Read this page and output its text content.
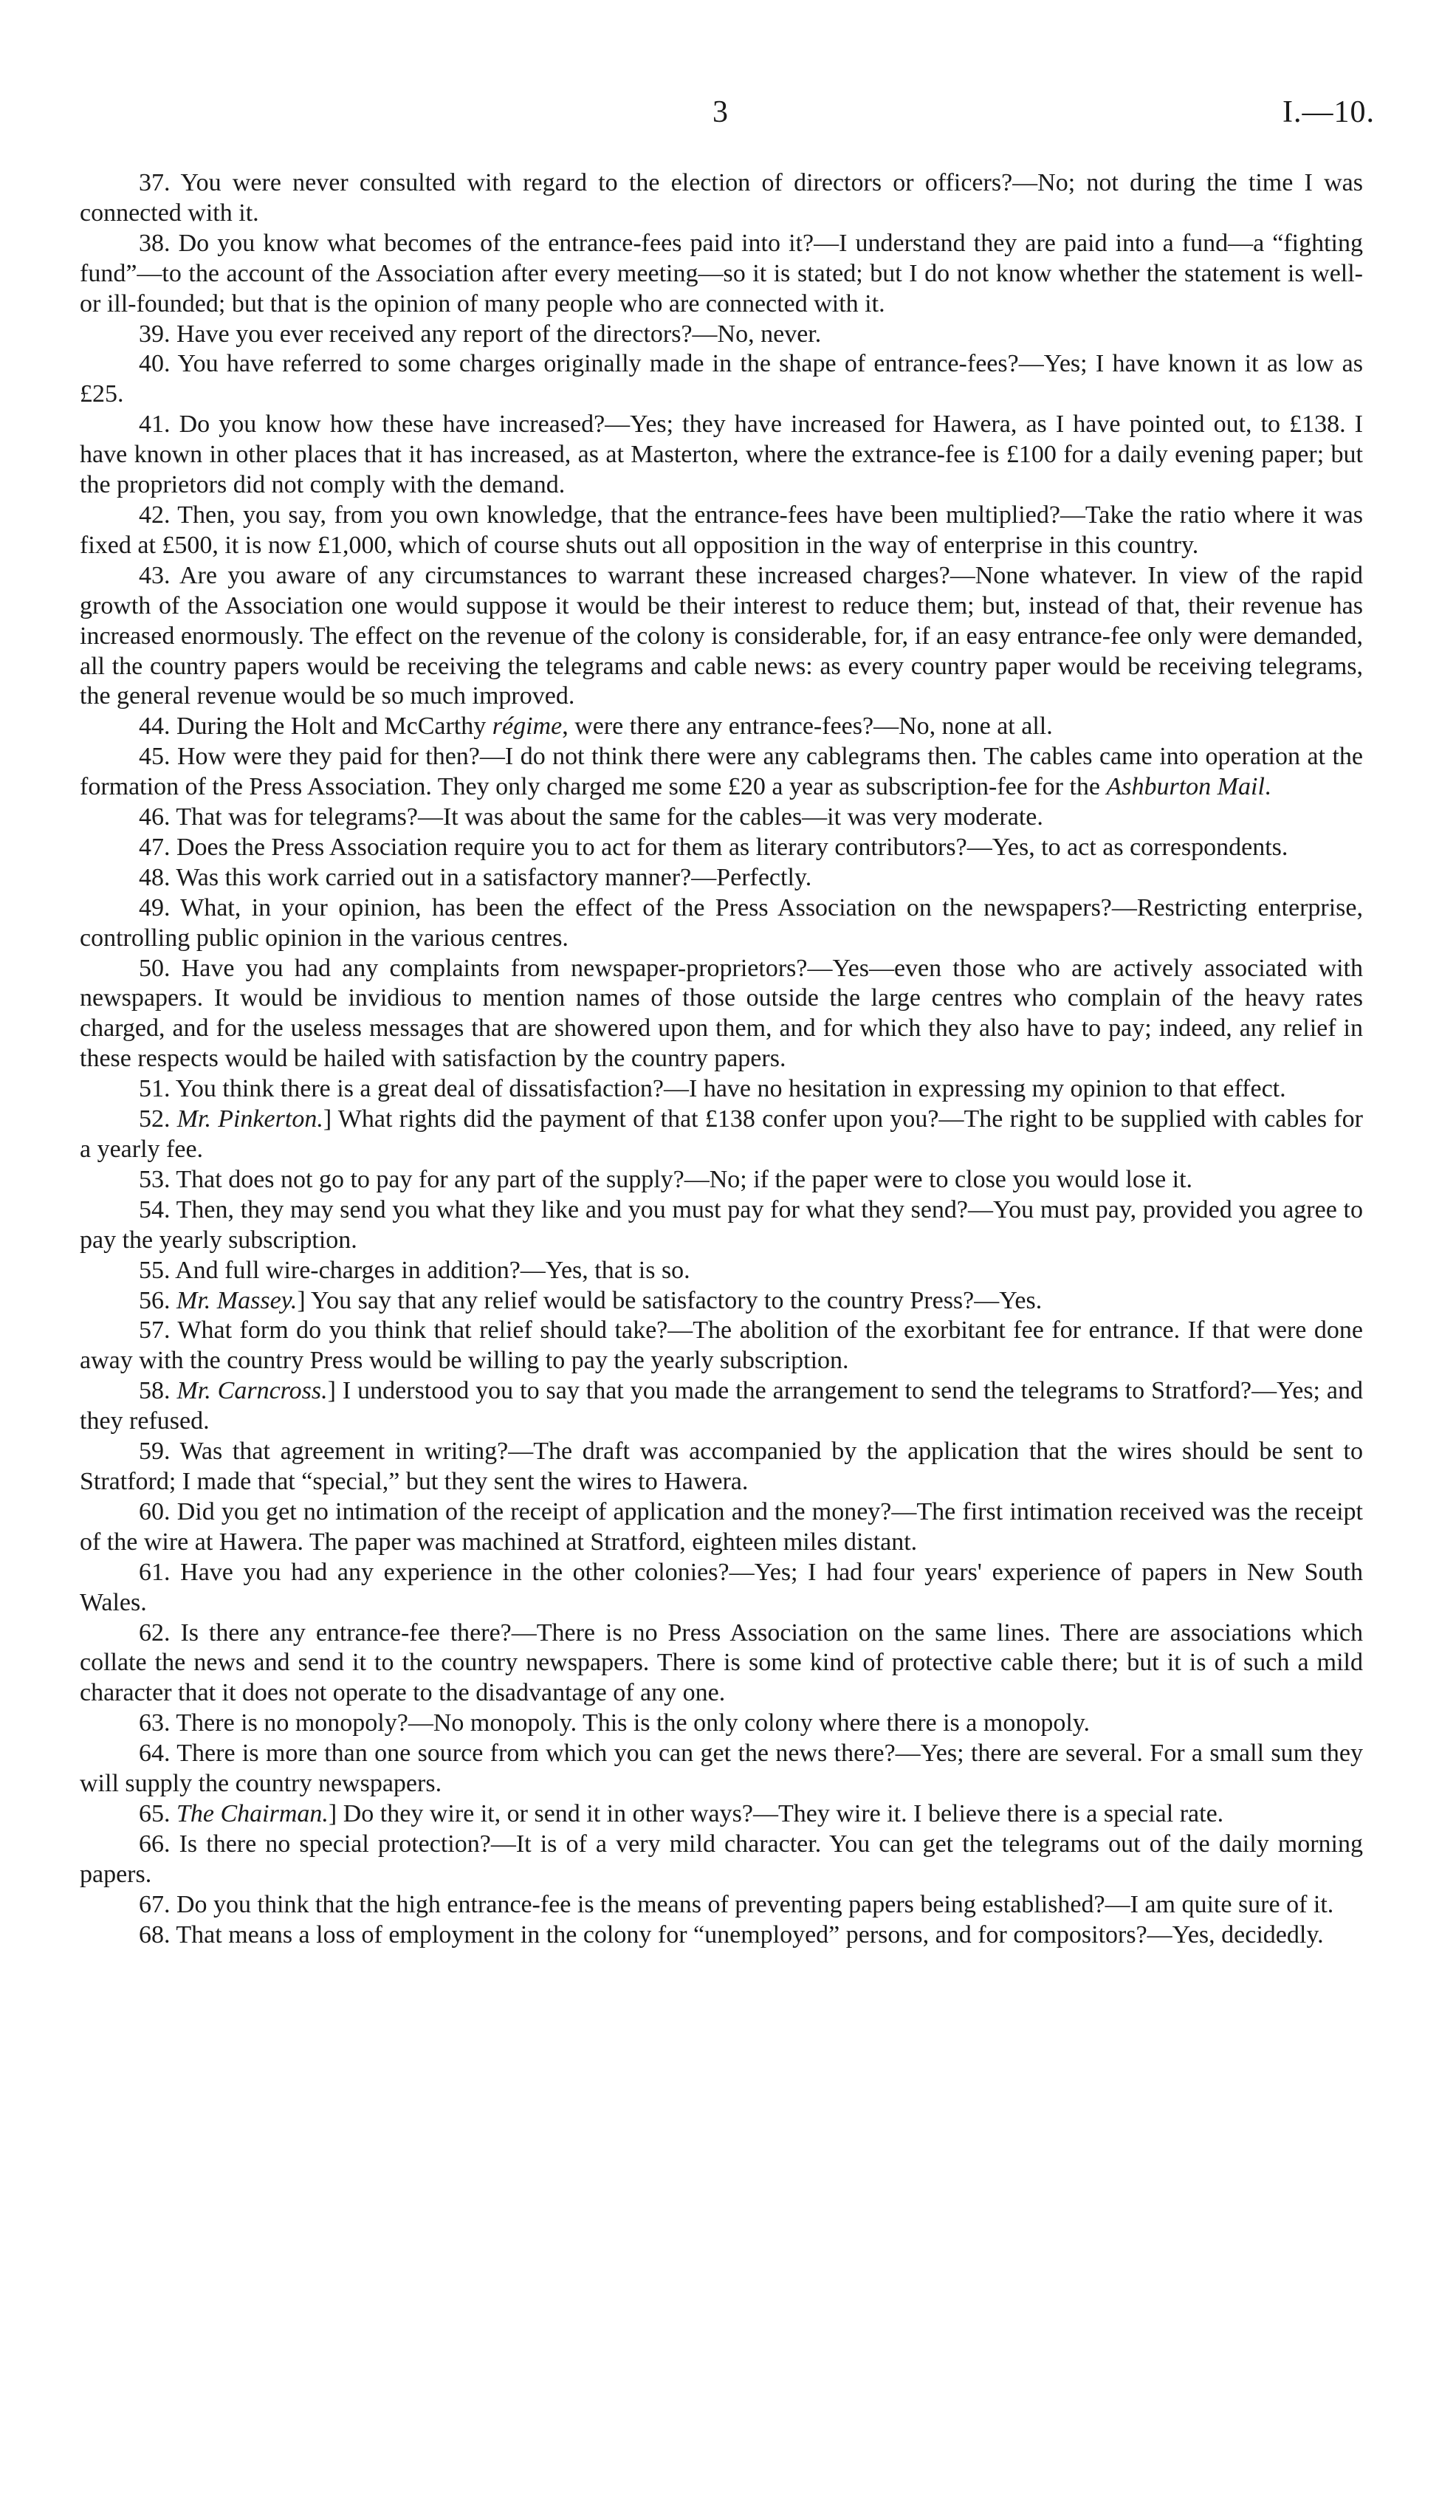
3	I.—10.

37. You were never consulted with regard to the election of directors or officers?—No; not during the time I was connected with it.

38. Do you know what becomes of the entrance-fees paid into it?—I understand they are paid into a fund—a “fighting fund”—to the account of the Association after every meeting—so it is stated; but I do not know whether the statement is well- or ill-founded; but that is the opinion of many people who are connected with it.

39. Have you ever received any report of the directors?—No, never.

40. You have referred to some charges originally made in the shape of entrance-fees?—Yes; I have known it as low as £25.

41. Do you know how these have increased?—Yes; they have increased for Hawera, as I have pointed out, to £138. I have known in other places that it has increased, as at Masterton, where the extrance-fee is £100 for a daily evening paper; but the proprietors did not comply with the demand.

42. Then, you say, from you own knowledge, that the entrance-fees have been multiplied?—Take the ratio where it was fixed at £500, it is now £1,000, which of course shuts out all opposition in the way of enterprise in this country.

43. Are you aware of any circumstances to warrant these increased charges?—None whatever. In view of the rapid growth of the Association one would suppose it would be their interest to reduce them; but, instead of that, their revenue has increased enormously. The effect on the revenue of the colony is considerable, for, if an easy entrance-fee only were demanded, all the country papers would be receiving the telegrams and cable news: as every country paper would be receiving telegrams, the general revenue would be so much improved.

44. During the Holt and McCarthy régime, were there any entrance-fees?—No, none at all.

45. How were they paid for then?—I do not think there were any cablegrams then. The cables came into operation at the formation of the Press Association. They only charged me some £20 a year as subscription-fee for the Ashburton Mail.

46. That was for telegrams?—It was about the same for the cables—it was very moderate.

47. Does the Press Association require you to act for them as literary contributors?—Yes, to act as correspondents.

48. Was this work carried out in a satisfactory manner?—Perfectly.

49. What, in your opinion, has been the effect of the Press Association on the newspapers?—Restricting enterprise, controlling public opinion in the various centres.

50. Have you had any complaints from newspaper-proprietors?—Yes—even those who are actively associated with newspapers. It would be invidious to mention names of those outside the large centres who complain of the heavy rates charged, and for the useless messages that are showered upon them, and for which they also have to pay; indeed, any relief in these respects would be hailed with satisfaction by the country papers.

51. You think there is a great deal of dissatisfaction?—I have no hesitation in expressing my opinion to that effect.

52. Mr. Pinkerton.] What rights did the payment of that £138 confer upon you?—The right to be supplied with cables for a yearly fee.

53. That does not go to pay for any part of the supply?—No; if the paper were to close you would lose it.

54. Then, they may send you what they like and you must pay for what they send?—You must pay, provided you agree to pay the yearly subscription.

55. And full wire-charges in addition?—Yes, that is so.

56. Mr. Massey.] You say that any relief would be satisfactory to the country Press?—Yes.

57. What form do you think that relief should take?—The abolition of the exorbitant fee for entrance. If that were done away with the country Press would be willing to pay the yearly subscription.

58. Mr. Carncross.] I understood you to say that you made the arrangement to send the telegrams to Stratford?—Yes; and they refused.

59. Was that agreement in writing?—The draft was accompanied by the application that the wires should be sent to Stratford; I made that “special,” but they sent the wires to Hawera.

60. Did you get no intimation of the receipt of application and the money?—The first intimation received was the receipt of the wire at Hawera. The paper was machined at Stratford, eighteen miles distant.

61. Have you had any experience in the other colonies?—Yes; I had four years' experience of papers in New South Wales.

62. Is there any entrance-fee there?—There is no Press Association on the same lines. There are associations which collate the news and send it to the country newspapers. There is some kind of protective cable there; but it is of such a mild character that it does not operate to the disadvantage of any one.

63. There is no monopoly?—No monopoly. This is the only colony where there is a monopoly.

64. There is more than one source from which you can get the news there?—Yes; there are several. For a small sum they will supply the country newspapers.

65. The Chairman.] Do they wire it, or send it in other ways?—They wire it. I believe there is a special rate.

66. Is there no special protection?—It is of a very mild character. You can get the telegrams out of the daily morning papers.

67. Do you think that the high entrance-fee is the means of preventing papers being established?—I am quite sure of it.

68. That means a loss of employment in the colony for “unemployed” persons, and for compositors?—Yes, decidedly.
